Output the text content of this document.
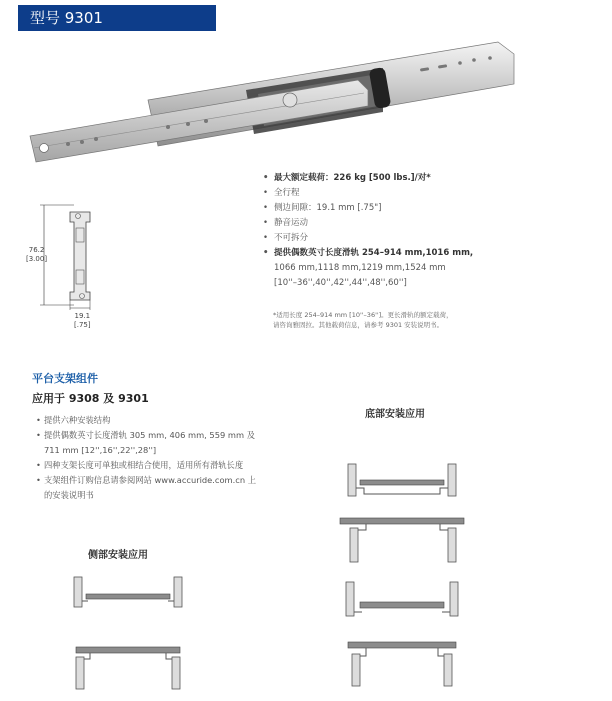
型号 9301
76.2
[3.00]
19.1
[.75]
• 最大额定载荷：226 kg [500 lbs.]/对*
• 全行程
• 侧边间隙：19.1 mm [.75"]
• 静音运动
• 不可拆分
• 提供偶数英寸长度滑轨 254–914 mm,1016 mm,
1066 mm,1118 mm,1219 mm,1524 mm
[10''–36'',40'',42'',44'',48'',60'']
*适用长度 254–914 mm [10''–36'']。更长滑轨的额定载荷，
请咨询雅固拉。其他载荷信息，请参考 9301 安装说明书。
平台支架组件
应用于 9308 及 9301
• 提供六种安装结构
• 提供偶数英寸长度滑轨 305 mm, 406 mm, 559 mm 及
711 mm [12'',16'',22'',28'']
• 四种支架长度可单独或相结合使用，适用所有滑轨长度
• 支架组件订购信息请参阅网站 www.accuride.com.cn 上
的安装说明书
底部安装应用
侧部安装应用
